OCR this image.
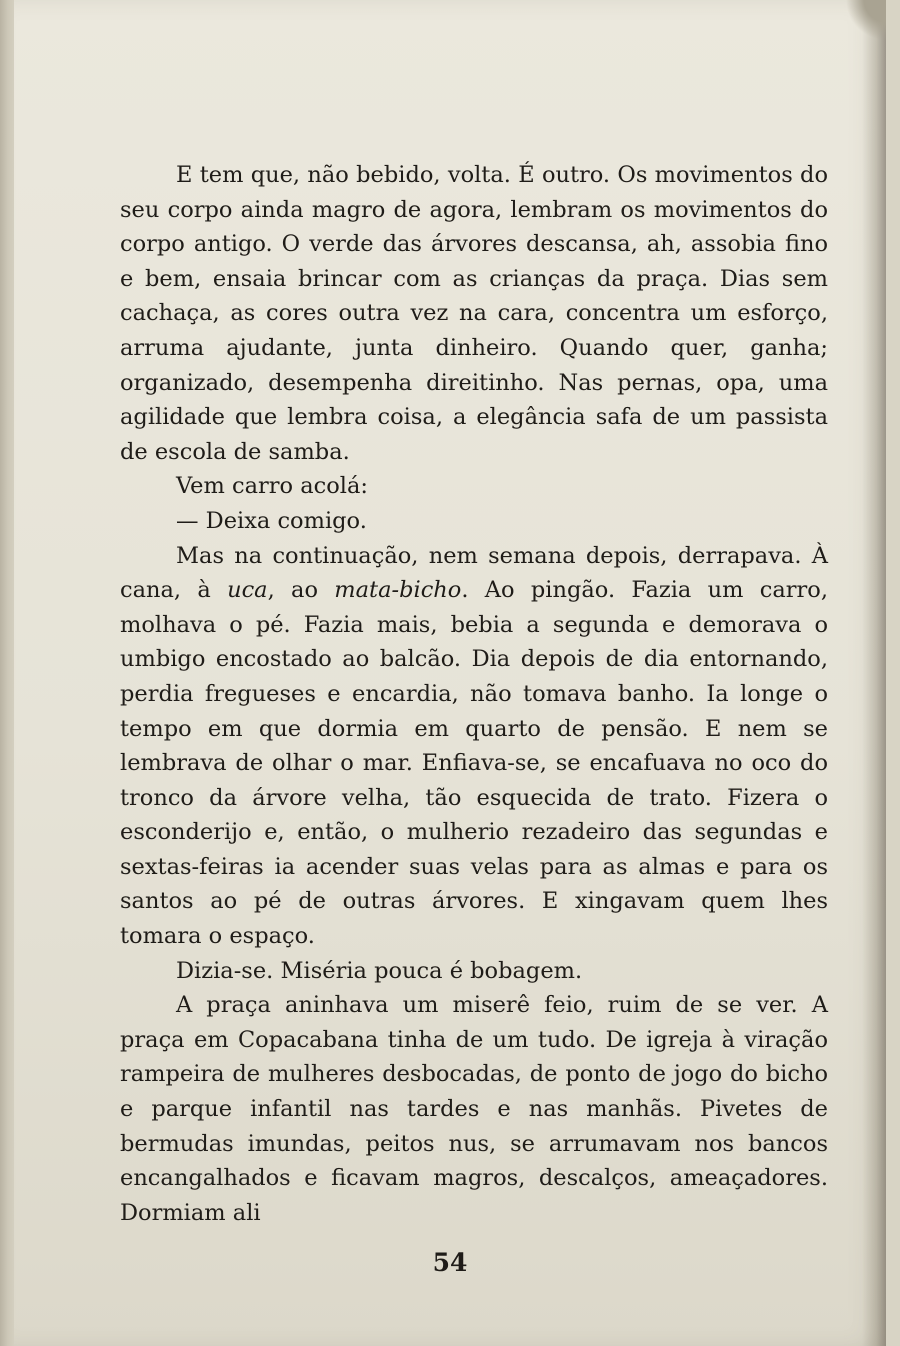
E tem que, não bebido, volta. É outro. Os movimentos do seu corpo ainda magro de agora, lembram os movimentos do corpo antigo. O verde das árvores descansa, ah, assobia fino e bem, ensaia brincar com as crianças da praça. Dias sem cachaça, as cores outra vez na cara, concentra um esforço, arruma ajudante, junta dinheiro. Quando quer, ganha; organizado, desempenha direitinho. Nas pernas, opa, uma agilidade que lembra coisa, a elegância safa de um passista de escola de samba.

Vem carro acolá:

— Deixa comigo.

Mas na continuação, nem semana depois, derrapava. À cana, à uca, ao mata-bicho. Ao pingão. Fazia um carro, molhava o pé. Fazia mais, bebia a segunda e demorava o umbigo encostado ao balcão. Dia depois de dia entornando, perdia fregueses e encardia, não tomava banho. Ia longe o tempo em que dormia em quarto de pensão. E nem se lembrava de olhar o mar. Enfiava-se, se encafuava no oco do tronco da árvore velha, tão esquecida de trato. Fizera o esconderijo e, então, o mulherio rezadeiro das segundas e sextas-feiras ia acender suas velas para as almas e para os santos ao pé de outras árvores. E xingavam quem lhes tomara o espaço.

Dizia-se. Miséria pouca é bobagem.

A praça aninhava um miserê feio, ruim de se ver. A praça em Copacabana tinha de um tudo. De igreja à viração rampeira de mulheres desbocadas, de ponto de jogo do bicho e parque infantil nas tardes e nas manhãs. Pivetes de bermudas imundas, peitos nus, se arrumavam nos bancos encangalhados e ficavam magros, descalços, ameaçadores. Dormiam ali

54
